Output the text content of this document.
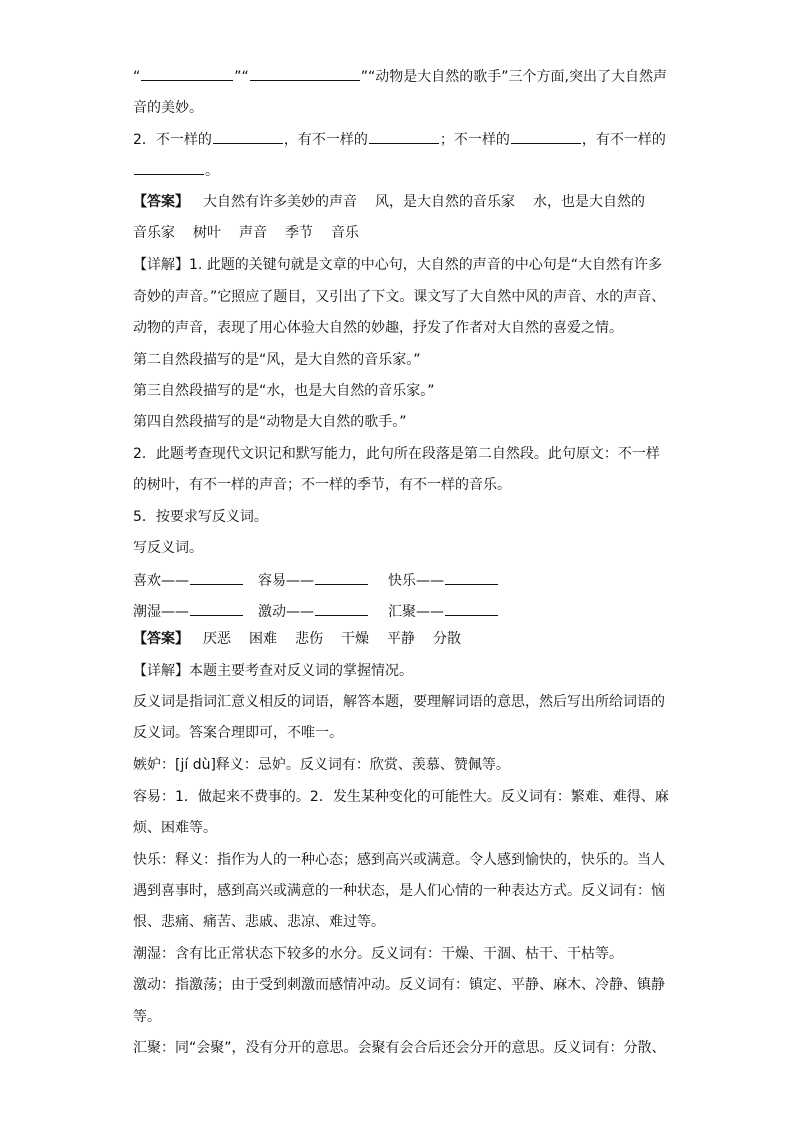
“	”“	”“动物是大自然的歌手”三个方面,突出了大自然声
音的美妙。
2．不一样的	，有不一样的	；不一样的	，有不一样的
。
【答案】 大自然有许多美妙的声音 风，是大自然的音乐家 水，也是大自然的
音乐家 树叶 声音 季节 音乐
【详解】1. 此题的关键句就是文章的中心句，大自然的声音的中心句是“大自然有许多
奇妙的声音。”它照应了题目，又引出了下文。课文写了大自然中风的声音、水的声音、
动物的声音，表现了用心体验大自然的妙趣，抒发了作者对大自然的喜爱之情。
第二自然段描写的是“风，是大自然的音乐家。”
第三自然段描写的是“水，也是大自然的音乐家。”
第四自然段描写的是“动物是大自然的歌手。”
2．此题考查现代文识记和默写能力，此句所在段落是第二自然段。此句原文：不一样
的树叶，有不一样的声音；不一样的季节，有不一样的音乐。
5．按要求写反义词。
写反义词。
喜欢——	容易——	快乐——
潮湿——	激动——	汇聚——
【答案】 厌恶 困难 悲伤 干燥 平静 分散
【详解】本题主要考查对反义词的掌握情况。
反义词是指词汇意义相反的词语，解答本题，要理解词语的意思，然后写出所给词语的
反义词。答案合理即可，不唯一。
嫉妒：[jí dù]释义：忌妒。反义词有：欣赏、羡慕、赞佩等。
容易：1．做起来不费事的。2．发生某种变化的可能性大。反义词有：繁难、难得、麻
烦、困难等。
快乐：释义：指作为人的一种心态；感到高兴或满意。令人感到愉快的，快乐的。当人
遇到喜事时，感到高兴或满意的一种状态，是人们心情的一种表达方式。反义词有：恼
恨、悲痛、痛苦、悲戚、悲凉、难过等。
潮湿：含有比正常状态下较多的水分。反义词有：干燥、干涸、枯干、干枯等。
激动：指激荡；由于受到刺激而感情冲动。反义词有：镇定、平静、麻木、冷静、镇静
等。
汇聚：同“会聚”，没有分开的意思。会聚有会合后还会分开的意思。反义词有：分散、
